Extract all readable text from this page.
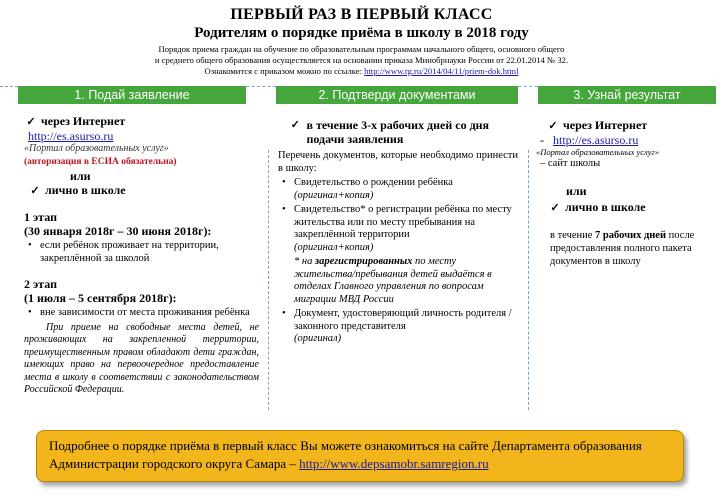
ПЕРВЫЙ РАЗ В ПЕРВЫЙ КЛАСС
Родителям о порядке приёма в школу в 2018 году
Порядок приема граждан на обучение по образовательным программам начального общего, основного общего
и среднего общего образования осуществляется на основании приказа Минобрнауки России от 22.01.2014 № 32.
Ознакомится с приказом можно по ссылке: http://www.rg.ru/2014/04/11/priem-dok.html
1. Подай заявление	2. Подтверди документами	3. Узнай результат
✓ через Интернет
http://es.asurso.ru
«Портал образовательных услуг»
(авторизация в ЕСИА обязательна)
или
✓ лично в школе
1 этап
(30 января 2018г – 30 июня 2018г):
• если ребёнок проживает на территории, закреплённой за школой
2 этап
(1 июля – 5 сентября 2018г):
• вне зависимости от места проживания ребёнка
При приеме на свободные места детей, не проживающих на закрепленной территории, преимущественным правом обладают дети граждан, имеющих право на первоочередное предоставление места в школу в соответствии с законодательством Российской Федерации.
✓ в течение 3-х рабочих дней со дня подачи заявления
Перечень документов, которые необходимо принести в школу:
• Свидетельство о рождении ребёнка
(оригинал+копия)
• Свидетельство* о регистрации ребёнка по месту жительства или по месту пребывания на закреплённой территории
(оригинал+копия)
* на зарегистрированных по месту жительства/пребывания детей выдаётся в отделах Главного управления по вопросам миграции МВД России
• Документ, удостоверяющий личность родителя / законного представителя
(оригинал)
✓ через Интернет
- http://es.asurso.ru
«Портал образовательных услуг»
– сайт школы
или
✓ лично в школе
в течение 7 рабочих дней после предоставления полного пакета документов в школу
Подробнее о порядке приёма в первый класс Вы можете ознакомиться на сайте Департамента образования Администрации городского округа Самара – http://www.depsamobr.samregion.ru
